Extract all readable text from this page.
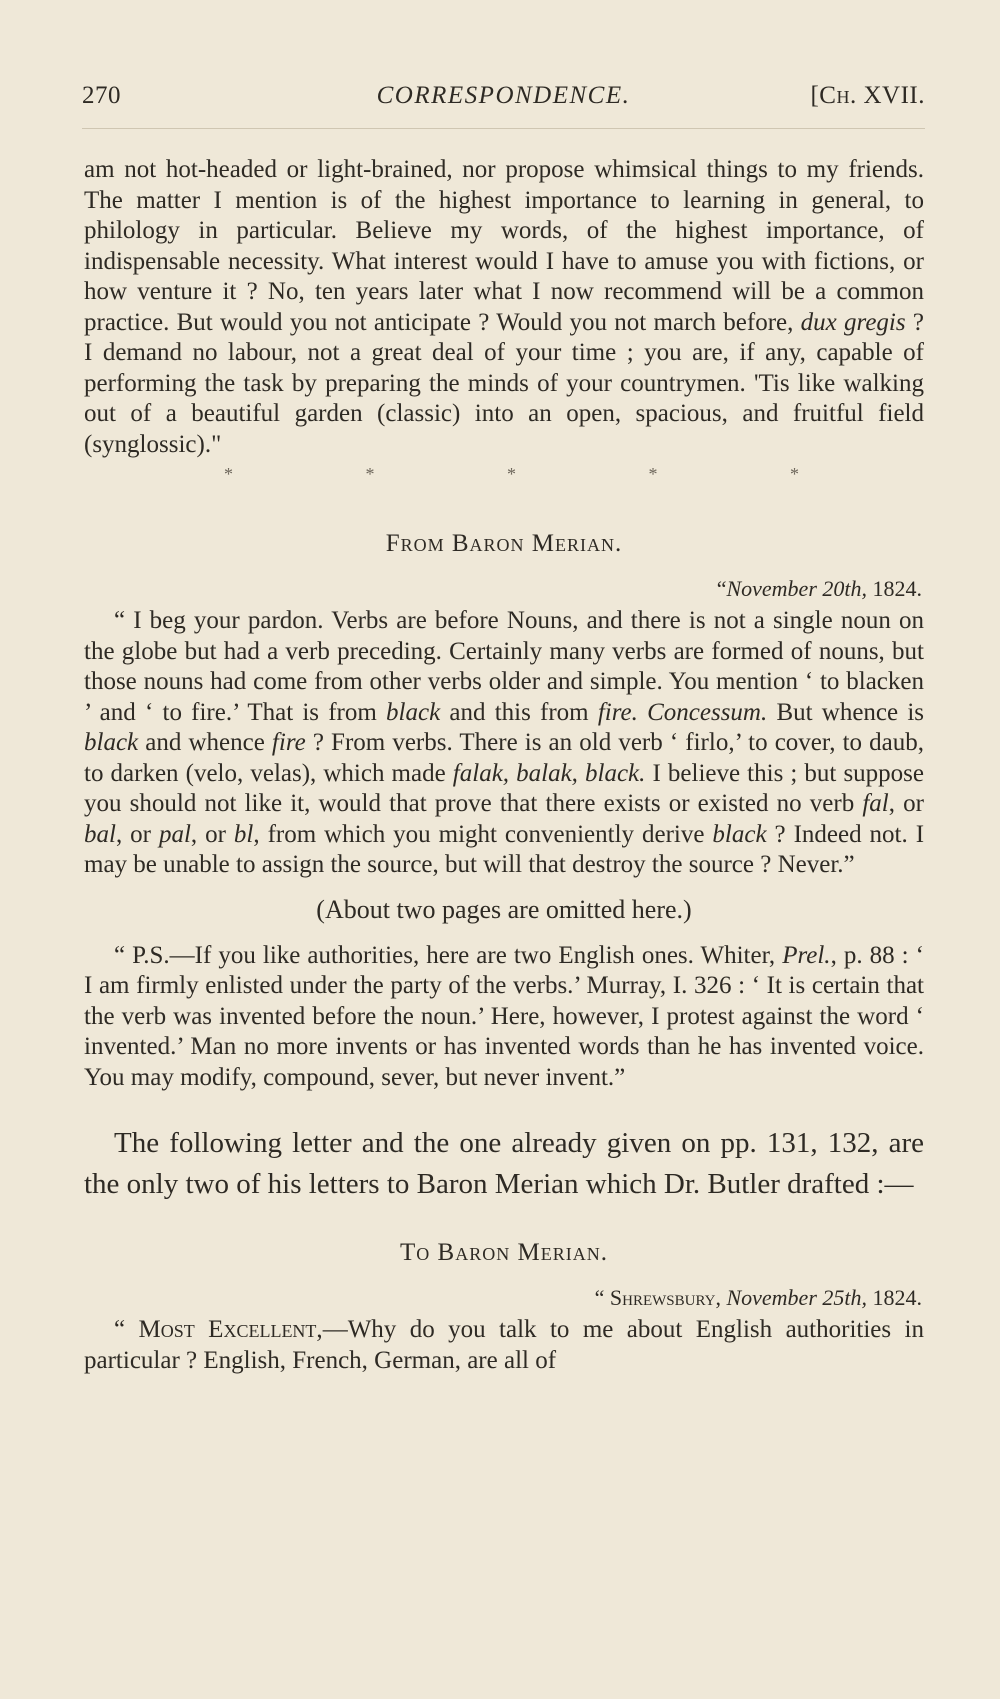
270	CORRESPONDENCE.	[Ch. XVII.

am not hot-headed or light-brained, nor propose whimsical things to my friends. The matter I mention is of the highest importance to learning in general, to philology in particular. Believe my words, of the highest importance, of indispensable necessity. What interest would I have to amuse you with fictions, or how venture it ? No, ten years later what I now recommend will be a common practice. But would you not anticipate ? Would you not march before, dux gregis ? I demand no labour, not a great deal of your time ; you are, if any, capable of performing the task by preparing the minds of your countrymen. 'Tis like walking out of a beautiful garden (classic) into an open, spacious, and fruitful field (synglossic)."

*	*	*	*	*
From Baron Merian.
“November 20th, 1824.

“ I beg your pardon. Verbs are before Nouns, and there is not a single noun on the globe but had a verb preceding. Certainly many verbs are formed of nouns, but those nouns had come from other verbs older and simple. You mention ‘ to blacken ’ and ‘ to fire.’ That is from black and this from fire. Concessum. But whence is black and whence fire ? From verbs. There is an old verb ‘ firlo,’ to cover, to daub, to darken (velo, velas), which made falak, balak, black. I believe this ; but suppose you should not like it, would that prove that there exists or existed no verb fal, or bal, or pal, or bl, from which you might conveniently derive black ? Indeed not. I may be unable to assign the source, but will that destroy the source ? Never.”

(About two pages are omitted here.)

“ P.S.—If you like authorities, here are two English ones. Whiter, Prel., p. 88 : ‘ I am firmly enlisted under the party of the verbs.’ Murray, I. 326 : ‘ It is certain that the verb was invented before the noun.’ Here, however, I protest against the word ‘ invented.’ Man no more invents or has invented words than he has invented voice. You may modify, compound, sever, but never invent.”

The following letter and the one already given on pp. 131, 132, are the only two of his letters to Baron Merian which Dr. Butler drafted :—

To Baron Merian.
“ Shrewsbury, November 25th, 1824.

“ Most Excellent,—Why do you talk to me about English authorities in particular ? English, French, German, are all of
